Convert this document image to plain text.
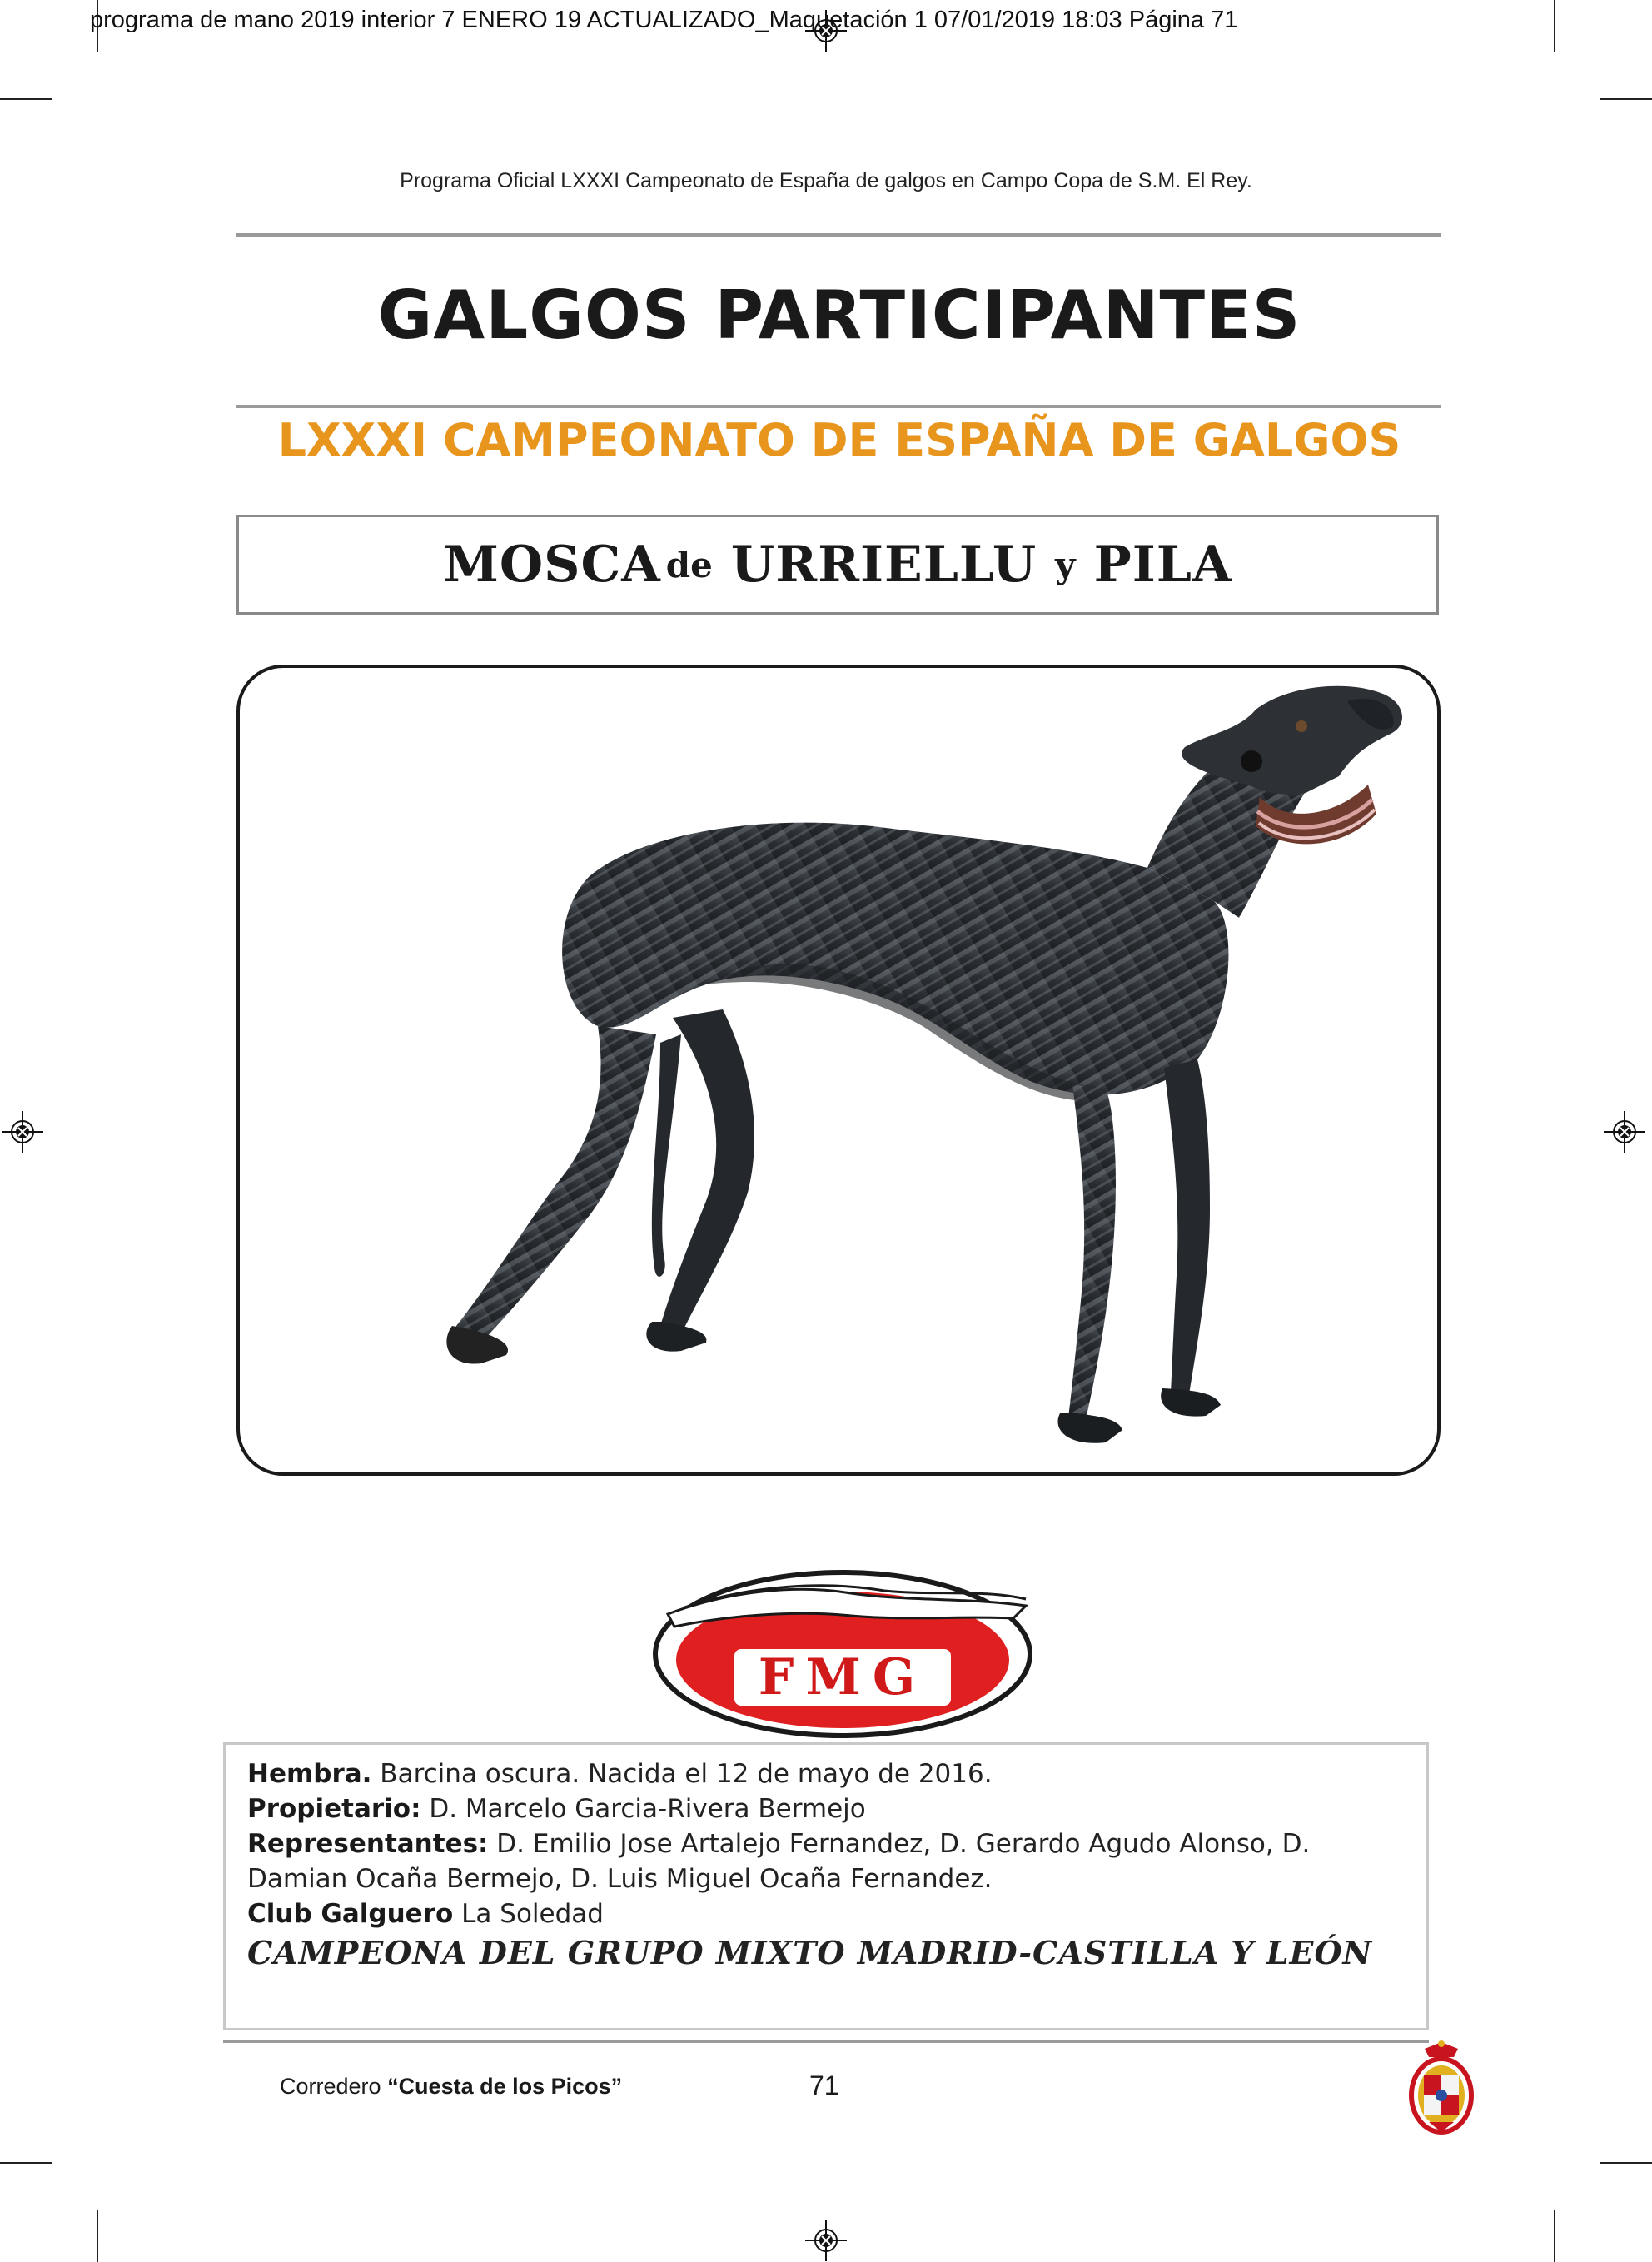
programa de mano 2019 interior 7 ENERO 19 ACTUALIZADO_Maquetación 1 07/01/2019 18:03 Página 71
Programa Oficial LXXXI Campeonato de España de galgos en Campo Copa de S.M. El Rey.
GALGOS PARTICIPANTES
LXXXI CAMPEONATO DE ESPAÑA DE GALGOS
MOSCA de URRIELLU y PILA
FMG
Hembra. Barcina oscura. Nacida el 12 de mayo de 2016.
Propietario: D. Marcelo Garcia-Rivera Bermejo
Representantes: D. Emilio Jose Artalejo Fernandez, D. Gerardo Agudo Alonso, D. Damian Ocaña Bermejo, D. Luis Miguel Ocaña Fernandez.
Club Galguero La Soledad
CAMPEONA DEL GRUPO MIXTO MADRID-CASTILLA Y LEÓN
Corredero “Cuesta de los Picos”	71
